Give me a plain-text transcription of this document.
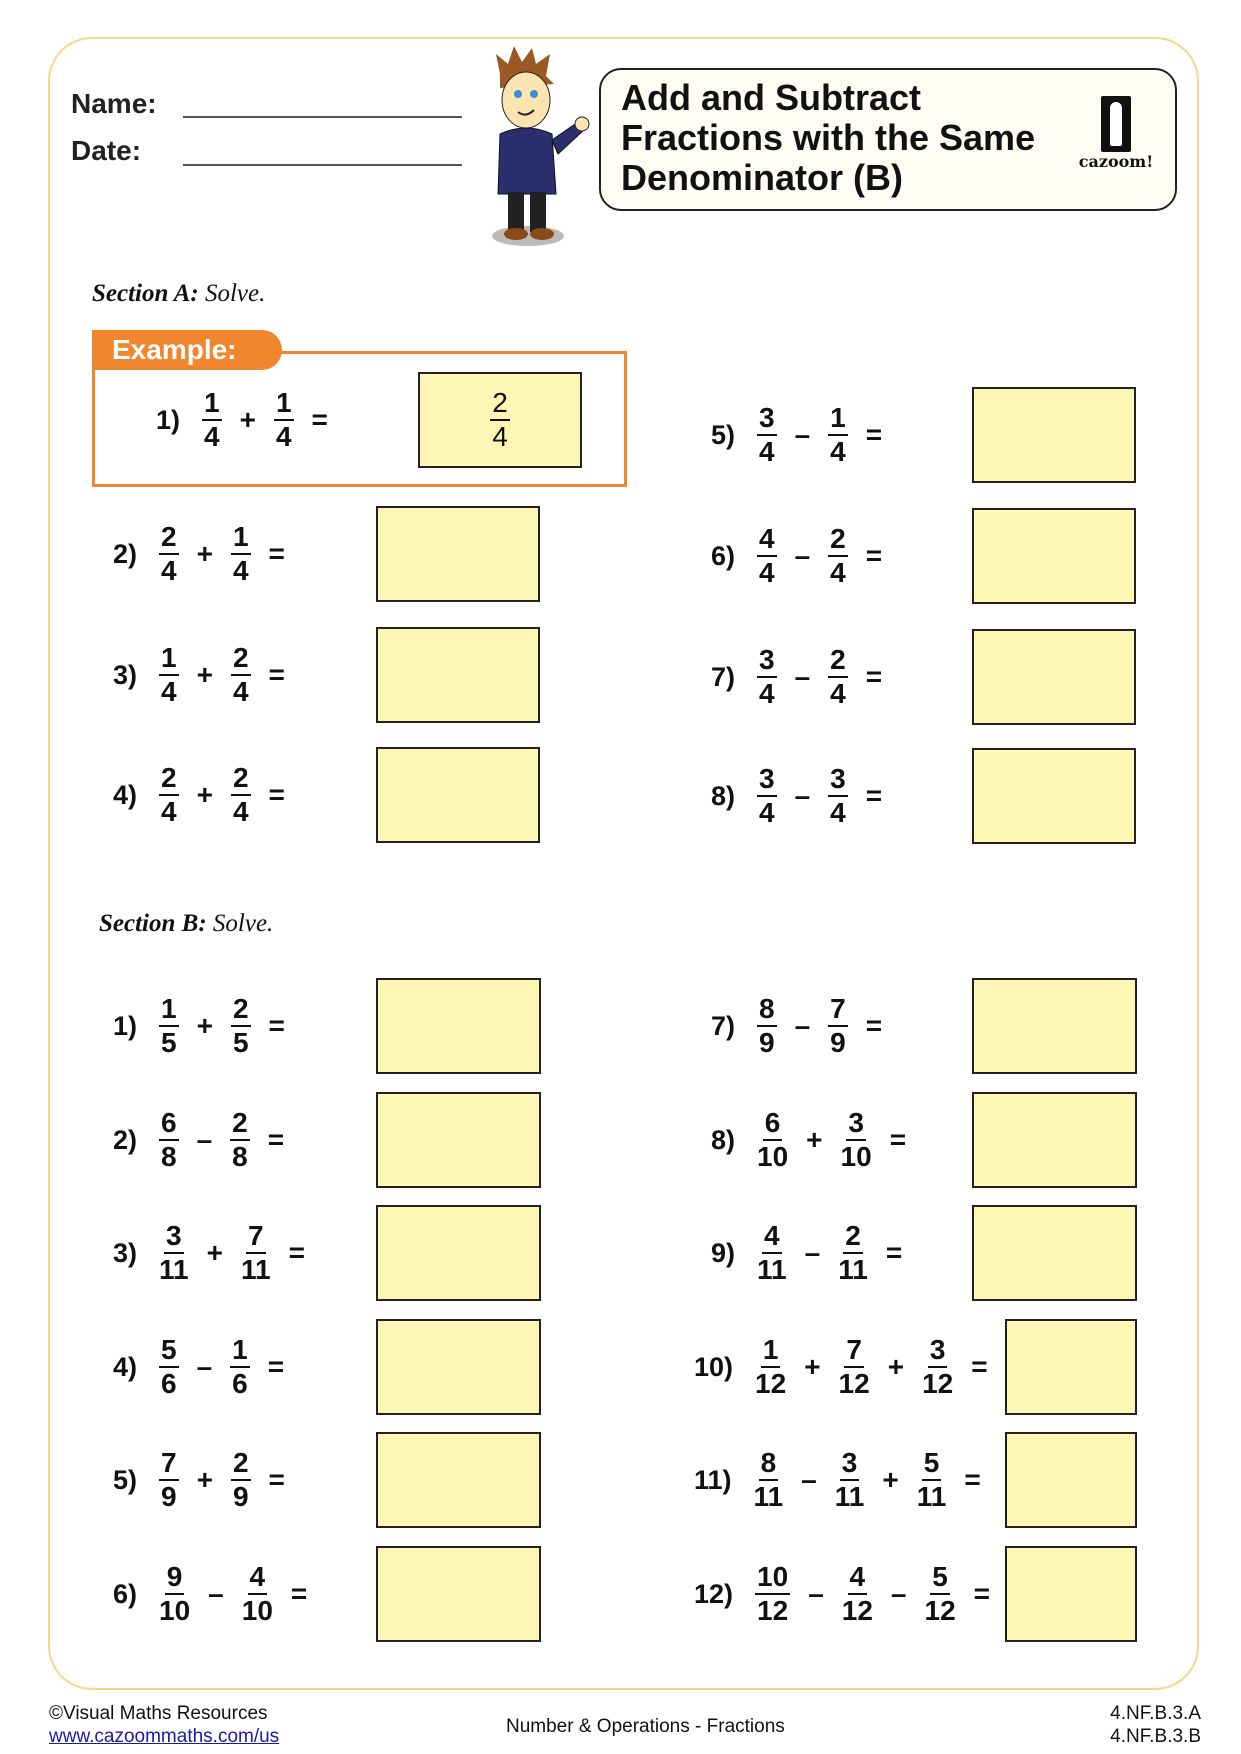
Name:
Date:
Add and Subtract Fractions with the Same Denominator (B)	cazoom!
Section A: Solve.
Example:
Section B: Solve.
$1) \frac{1}{4} + \frac{1}{4}$ =	$\frac{2}{4}$
$2) \frac{2}{4} + \frac{1}{4}$ =
$3) \frac{1}{4} + \frac{2}{4}$ =
$4) \frac{2}{4} + \frac{2}{4}$ =
$5) \frac{3}{4} - \frac{1}{4}$ =
$6) \frac{4}{4} - \frac{2}{4}$ =
$7) \frac{3}{4} - \frac{2}{4}$ =
$8) \frac{3}{4} - \frac{3}{4}$ =
$1) \frac{1}{5} + \frac{2}{5}$ =
$2) \frac{6}{8} - \frac{2}{8}$ =
$3) \frac{3}{11} + \frac{7}{11}$ =
$4) \frac{5}{6} - \frac{1}{6}$ =
$5) \frac{7}{9} + \frac{2}{9}$ =
$6) \frac{9}{10} - \frac{4}{10}$ =
$7) \frac{8}{9} - \frac{7}{9}$ =
$8) \frac{6}{10} + \frac{3}{10}$ =
$9) \frac{4}{11} - \frac{2}{11}$ =
$10) \frac{1}{12} + \frac{7}{12} + \frac{3}{12}$ =
$11) \frac{8}{11} - \frac{3}{11} + \frac{5}{11}$ =
$12) \frac{10}{12} - \frac{4}{12} - \frac{5}{12}$ =
©Visual Maths Resources
www.cazoommaths.com/us	Number & Operations - Fractions
4.NF.B.3.A
4.NF.B.3.B
